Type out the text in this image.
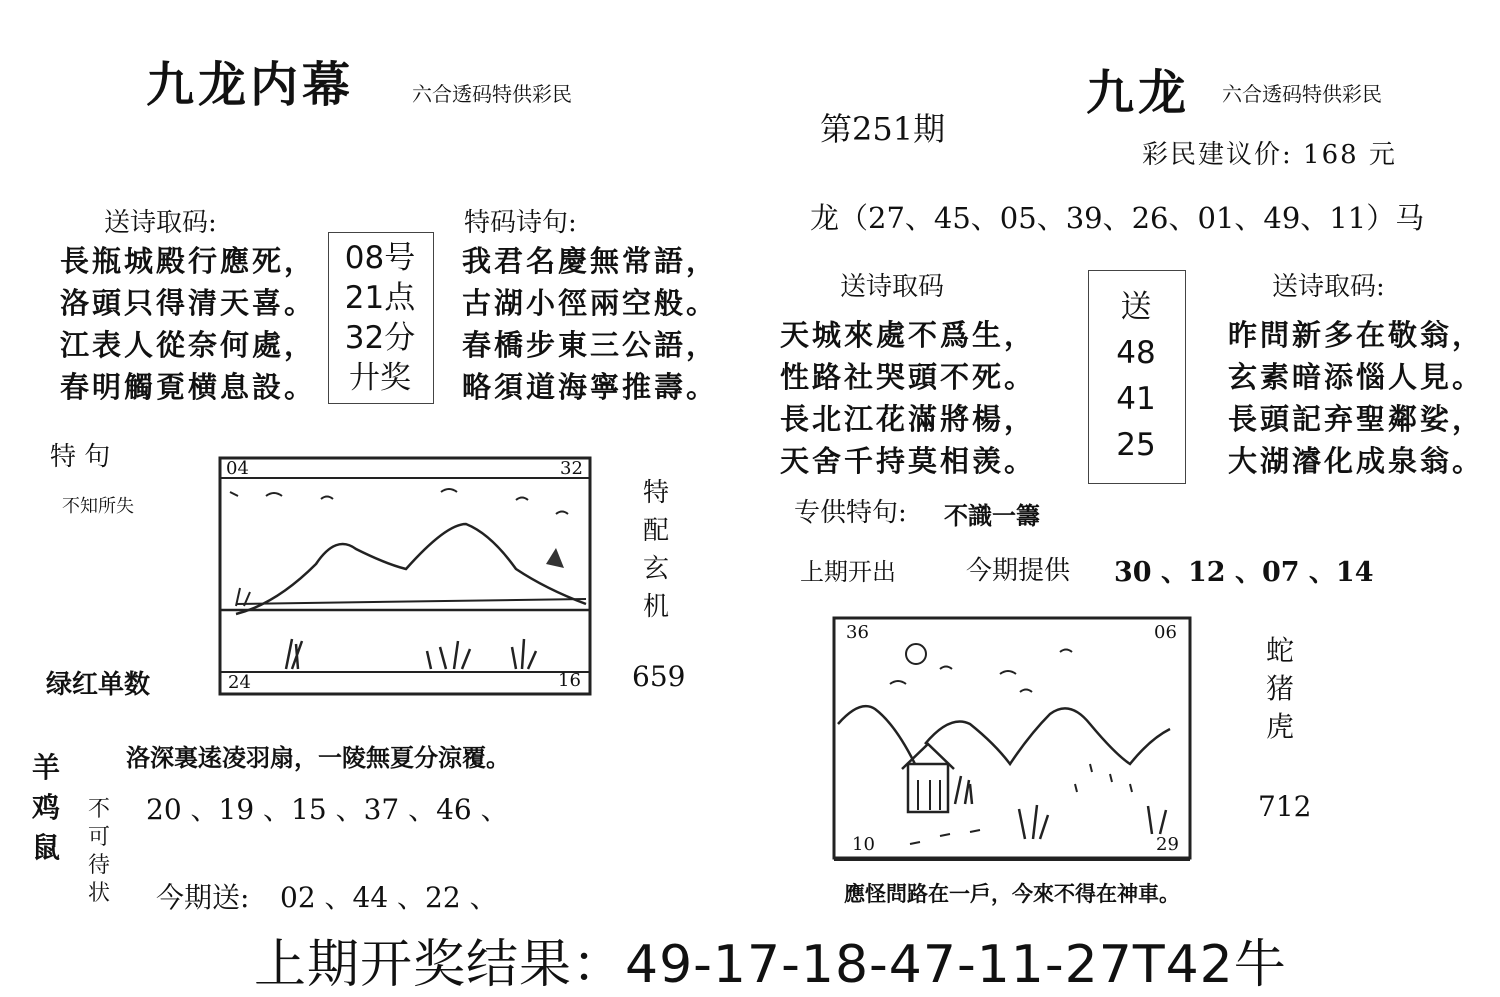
九龙内幕	六合透码特供彩民
送诗取码:
長瓶城殿行應死，
洛頭只得清天喜。
江表人從奈何處，
春明觸覔横息設。
08号
21点
32分
廾奖
特码诗句:
我君名慶無常語，
古湖小徑兩空般。
春橋步東三公語，
略須道海寧推壽。
特 句
不知所失
04	32
24	16
特
配
玄
机
659
绿红单数
洛深裏逺凌羽扇，一陵無夏分涼覆。
羊
鸡
鼠
不
可
待
状
20 、19 、15 、37 、46 、
今期送: 02 、44 、22 、
九龙 六合透码特供彩民
第251期
彩民建议价: 168 元
龙（27、45、05、39、26、01、49、11）马
送诗取码	送诗取码:
天城來處不爲生，
性路社哭頭不死。
長北江花滿將楊，
天舍千持莫相羡。
送
48
41
25
昨問新多在敬翁，
玄素暗添惱人見。
長頭記弃聖鄰娑，
大湖濬化成泉翁。
专供特句: 不識一籌
上期开出	今期提供 30 、12 、07 、14
36	06
10	29
蛇
猪
虎
712
應怪問路在一戶，今來不得在神車。
上期开奖结果：49-17-18-47-11-27T42牛
